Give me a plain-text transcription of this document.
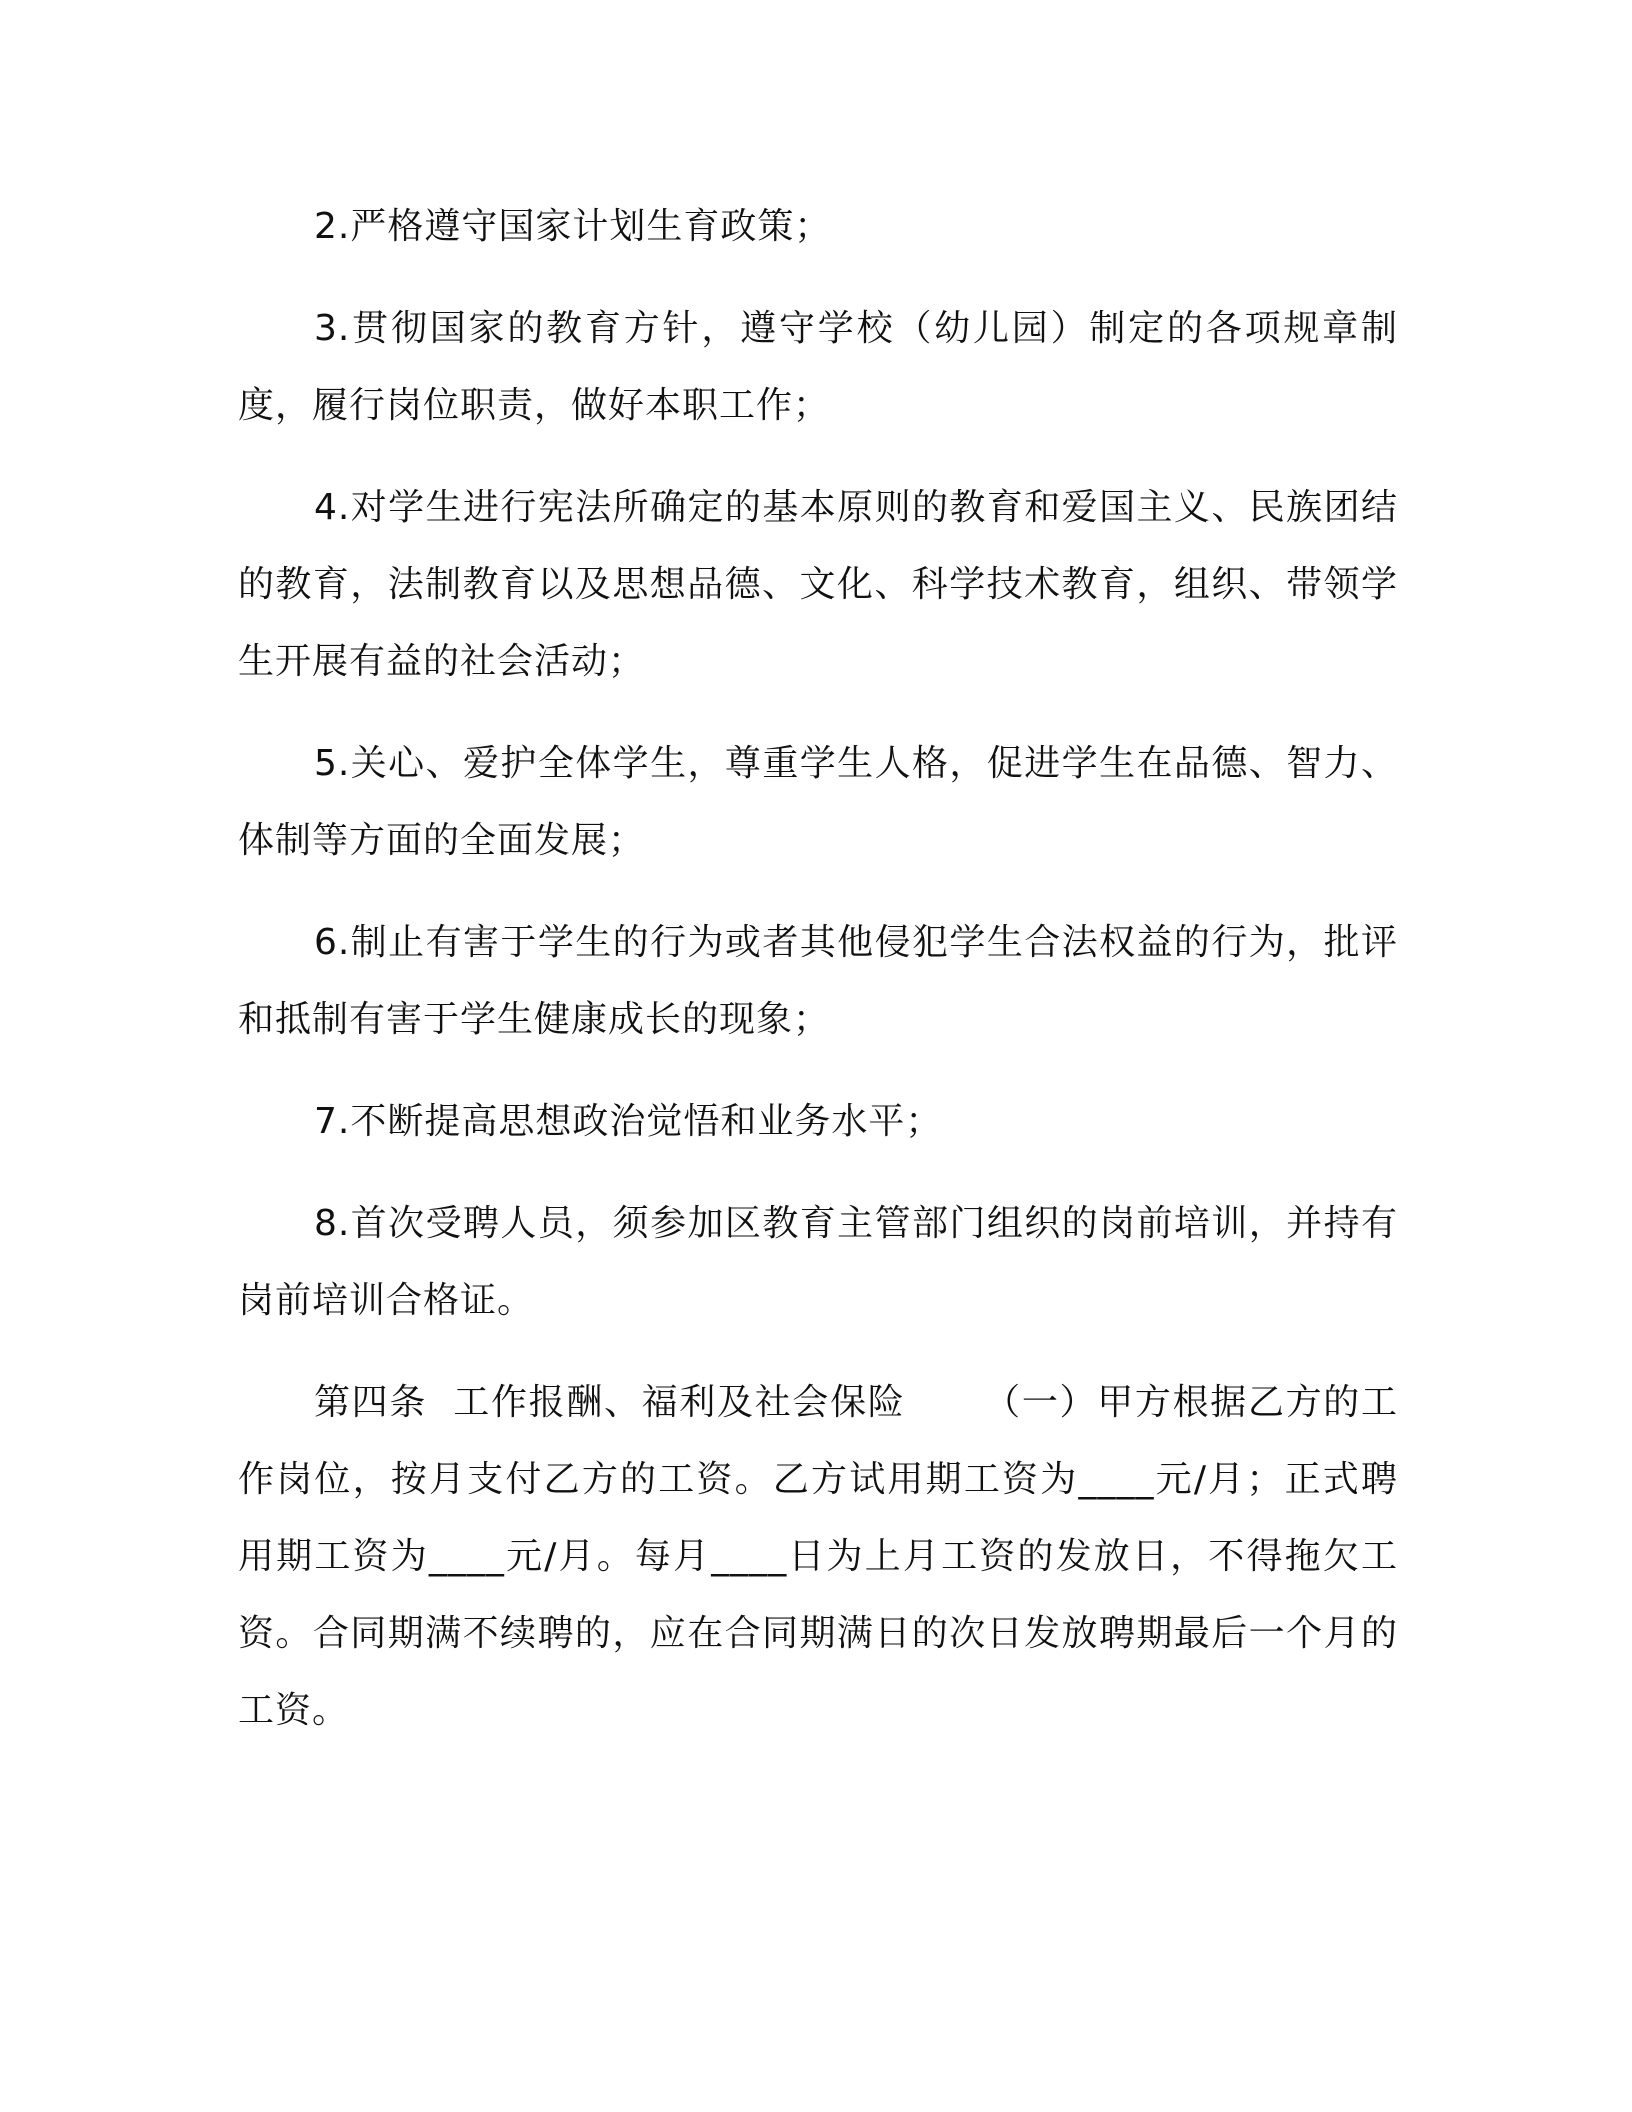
2.严格遵守国家计划生育政策；

3.贯彻国家的教育方针，遵守学校（幼儿园）制定的各项规章制度，履行岗位职责，做好本职工作；

4.对学生进行宪法所确定的基本原则的教育和爱国主义、民族团结的教育，法制教育以及思想品德、文化、科学技术教育，组织、带领学生开展有益的社会活动；

5.关心、爱护全体学生，尊重学生人格，促进学生在品德、智力、体制等方面的全面发展；

6.制止有害于学生的行为或者其他侵犯学生合法权益的行为，批评和抵制有害于学生健康成长的现象；

7.不断提高思想政治觉悟和业务水平；

8.首次受聘人员，须参加区教育主管部门组织的岗前培训，并持有岗前培训合格证。

第四条  工作报酬、福利及社会保险      （一）甲方根据乙方的工作岗位，按月支付乙方的工资。乙方试用期工资为____元/月；正式聘用期工资为____元/月。每月____日为上月工资的发放日，不得拖欠工资。合同期满不续聘的，应在合同期满日的次日发放聘期最后一个月的工资。
